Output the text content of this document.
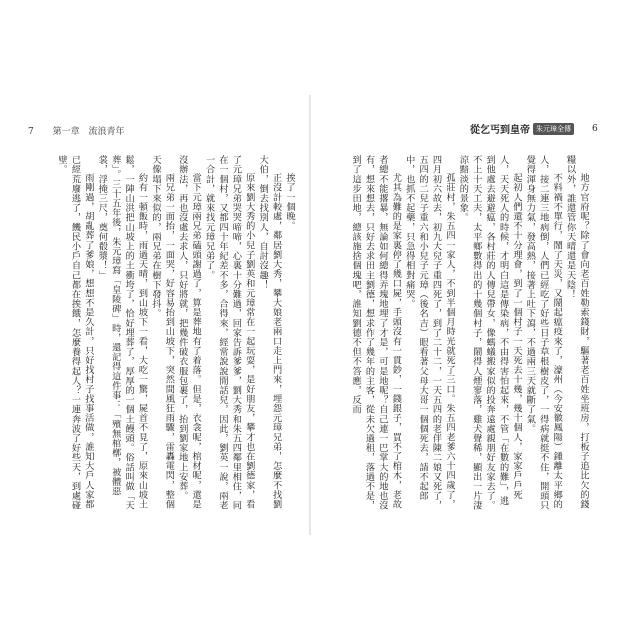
7 第一章 流浪青年	從乞丐到皇帝 朱元璋全傳	6

地方官府呢？除了會向老百姓勒索錢財，驅著老百姓坐班房，打板子追比欠的錢糧以外，誰還管你天晴還是天陰！

不料禍不單行，鬧了天災，又鬧起瘟疫來了，濠州（今安徽鳳陽）鍾離太平鄉的人，接二連三地病倒，人們已經吃了好些日子草根樹皮了，一得病就挺不住，開頭只覺得渾身無力氣，發高熱，接著上吐下瀉，不過兩三天就斷了氣。

起初人們還不十分理會，到了一個村子一天死去十幾，幾十個人，家家戶戶死人，天天死人的時候，才明白這是傳染病，不由得害怕起來，不管「在數的難」，逃到他處去避避瘟，各村莊的人傳兒帶女，像螞蟻搬家似的投奔遠處親朋好友家去了。不上十天工夫，太平鄉數得出的十幾個村子，鬧得人煙寥落，雞犬聲稀，顯出一片淒涼黯淡的景象。

孤莊村，朱五四一家人，不到半個月時光就死了三口。朱五四老爹六十四歲了，四月初六故去，初九大兒子重四死了，到了二十二，一天五四的老伴陳二娘又死了，五四的二兒子重六和小兒子元璋（後名吉）眼看著父母大哥一個個死去，請不起郎中，也抓不起藥，只急得相對痛哭。

尤其為難的是家裏停了幾口屍，手頭沒有一貫鈔，一錢銀子，買不了棺木，老故者總不能撂暴，無論如何總得弄塊地埋了才是，可是地呢？自己連一巴掌大的地也沒有，想來想去，只好去求田主劉德，想求作了幾年的主客，從未欠過租，落過不是，到了這步田地，總該施捨個塊吧，誰知劉德不但不答應，反而

挨了一個晚。

正沒計較處，鄰居劉大秀，攀大娘老兩口走上門來，埋怨元璋兄弟，怎麼不找劉大伯，倒去找別人，自討沒趣！

原來劉大秀的小兒子劉英和元璋常在一起玩耍，是好朋友，攀才也在劉德家，看了元璋兄弟哭哭啼啼，心裏十分難過，回家告訴爹爹，劉大秀和朱五四鄰里相住，同在一個村，又都四十年紀差不多，合得來，經常說說閒話兒，因此，劉英一說，兩老一合計，就來找元璋兄弟了。

當下元璋兩兄弟磕頭謝過了，算是葬地有了着落。但是，衣衾呢，棺材呢，還是沒辦法，再也沒處去求人，只好將就，把幾件破衣服包裹了，抬到劉家地上安葬。

兩兄弟一面抬，一面哭，好容易抬到山坡下，突然間風狂雨驟，雷轟電閃，整個天像塌下來似的，兩兄弟在樹下發抖。

約有一頓飯時，雨過天晴，到山坡下一看，大吃一驚，屍首不見了，原來山坡土鬆，一陣山洪把山坡上的土衝垮了，恰好埋葬了，厚厚的一個土饅頭。俗話叫做「天葬」。三十五年後，朱元璋寫「皇陵碑」時，還記得這件事：「殯無棺槨，被體惡裳，浮掩三尺，奠何殽漿！」

雨剛過，胡亂葬了爹娘，想想不是久計，只好找村子找事活做，誰知大戶人家都已經荒廢逃了，饑民小戶自己都在挨餓，怎麼養得起人？一連奔波了好些天，到處碰壁。
